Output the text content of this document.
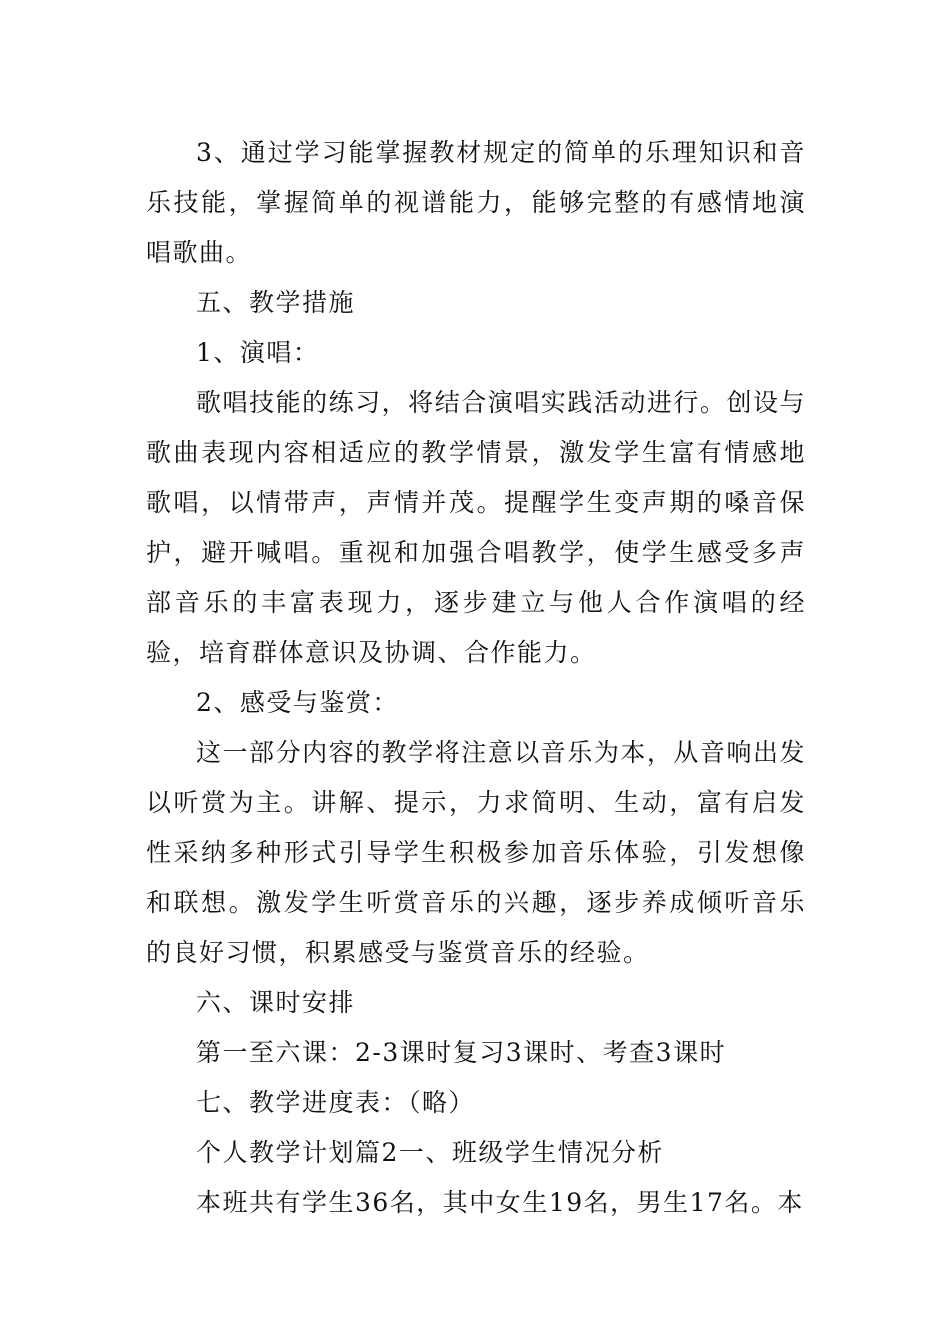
3、通过学习能掌握教材规定的简单的乐理知识和音乐技能，掌握简单的视谱能力，能够完整的有感情地演唱歌曲。

五、教学措施

1、演唱：

歌唱技能的练习，将结合演唱实践活动进行。创设与歌曲表现内容相适应的教学情景，激发学生富有情感地歌唱，以情带声，声情并茂。提醒学生变声期的嗓音保护，避开喊唱。重视和加强合唱教学，使学生感受多声部音乐的丰富表现力，逐步建立与他人合作演唱的经验，培育群体意识及协调、合作能力。

2、感受与鉴赏：

这一部分内容的教学将注意以音乐为本，从音响出发以听赏为主。讲解、提示，力求简明、生动，富有启发性采纳多种形式引导学生积极参加音乐体验，引发想像和联想。激发学生听赏音乐的兴趣，逐步养成倾听音乐的良好习惯，积累感受与鉴赏音乐的经验。

六、课时安排

第一至六课：2-3课时复习3课时、考查3课时

七、教学进度表：（略）

个人教学计划篇2一、班级学生情况分析

本班共有学生36名，其中女生19名，男生17名。本
